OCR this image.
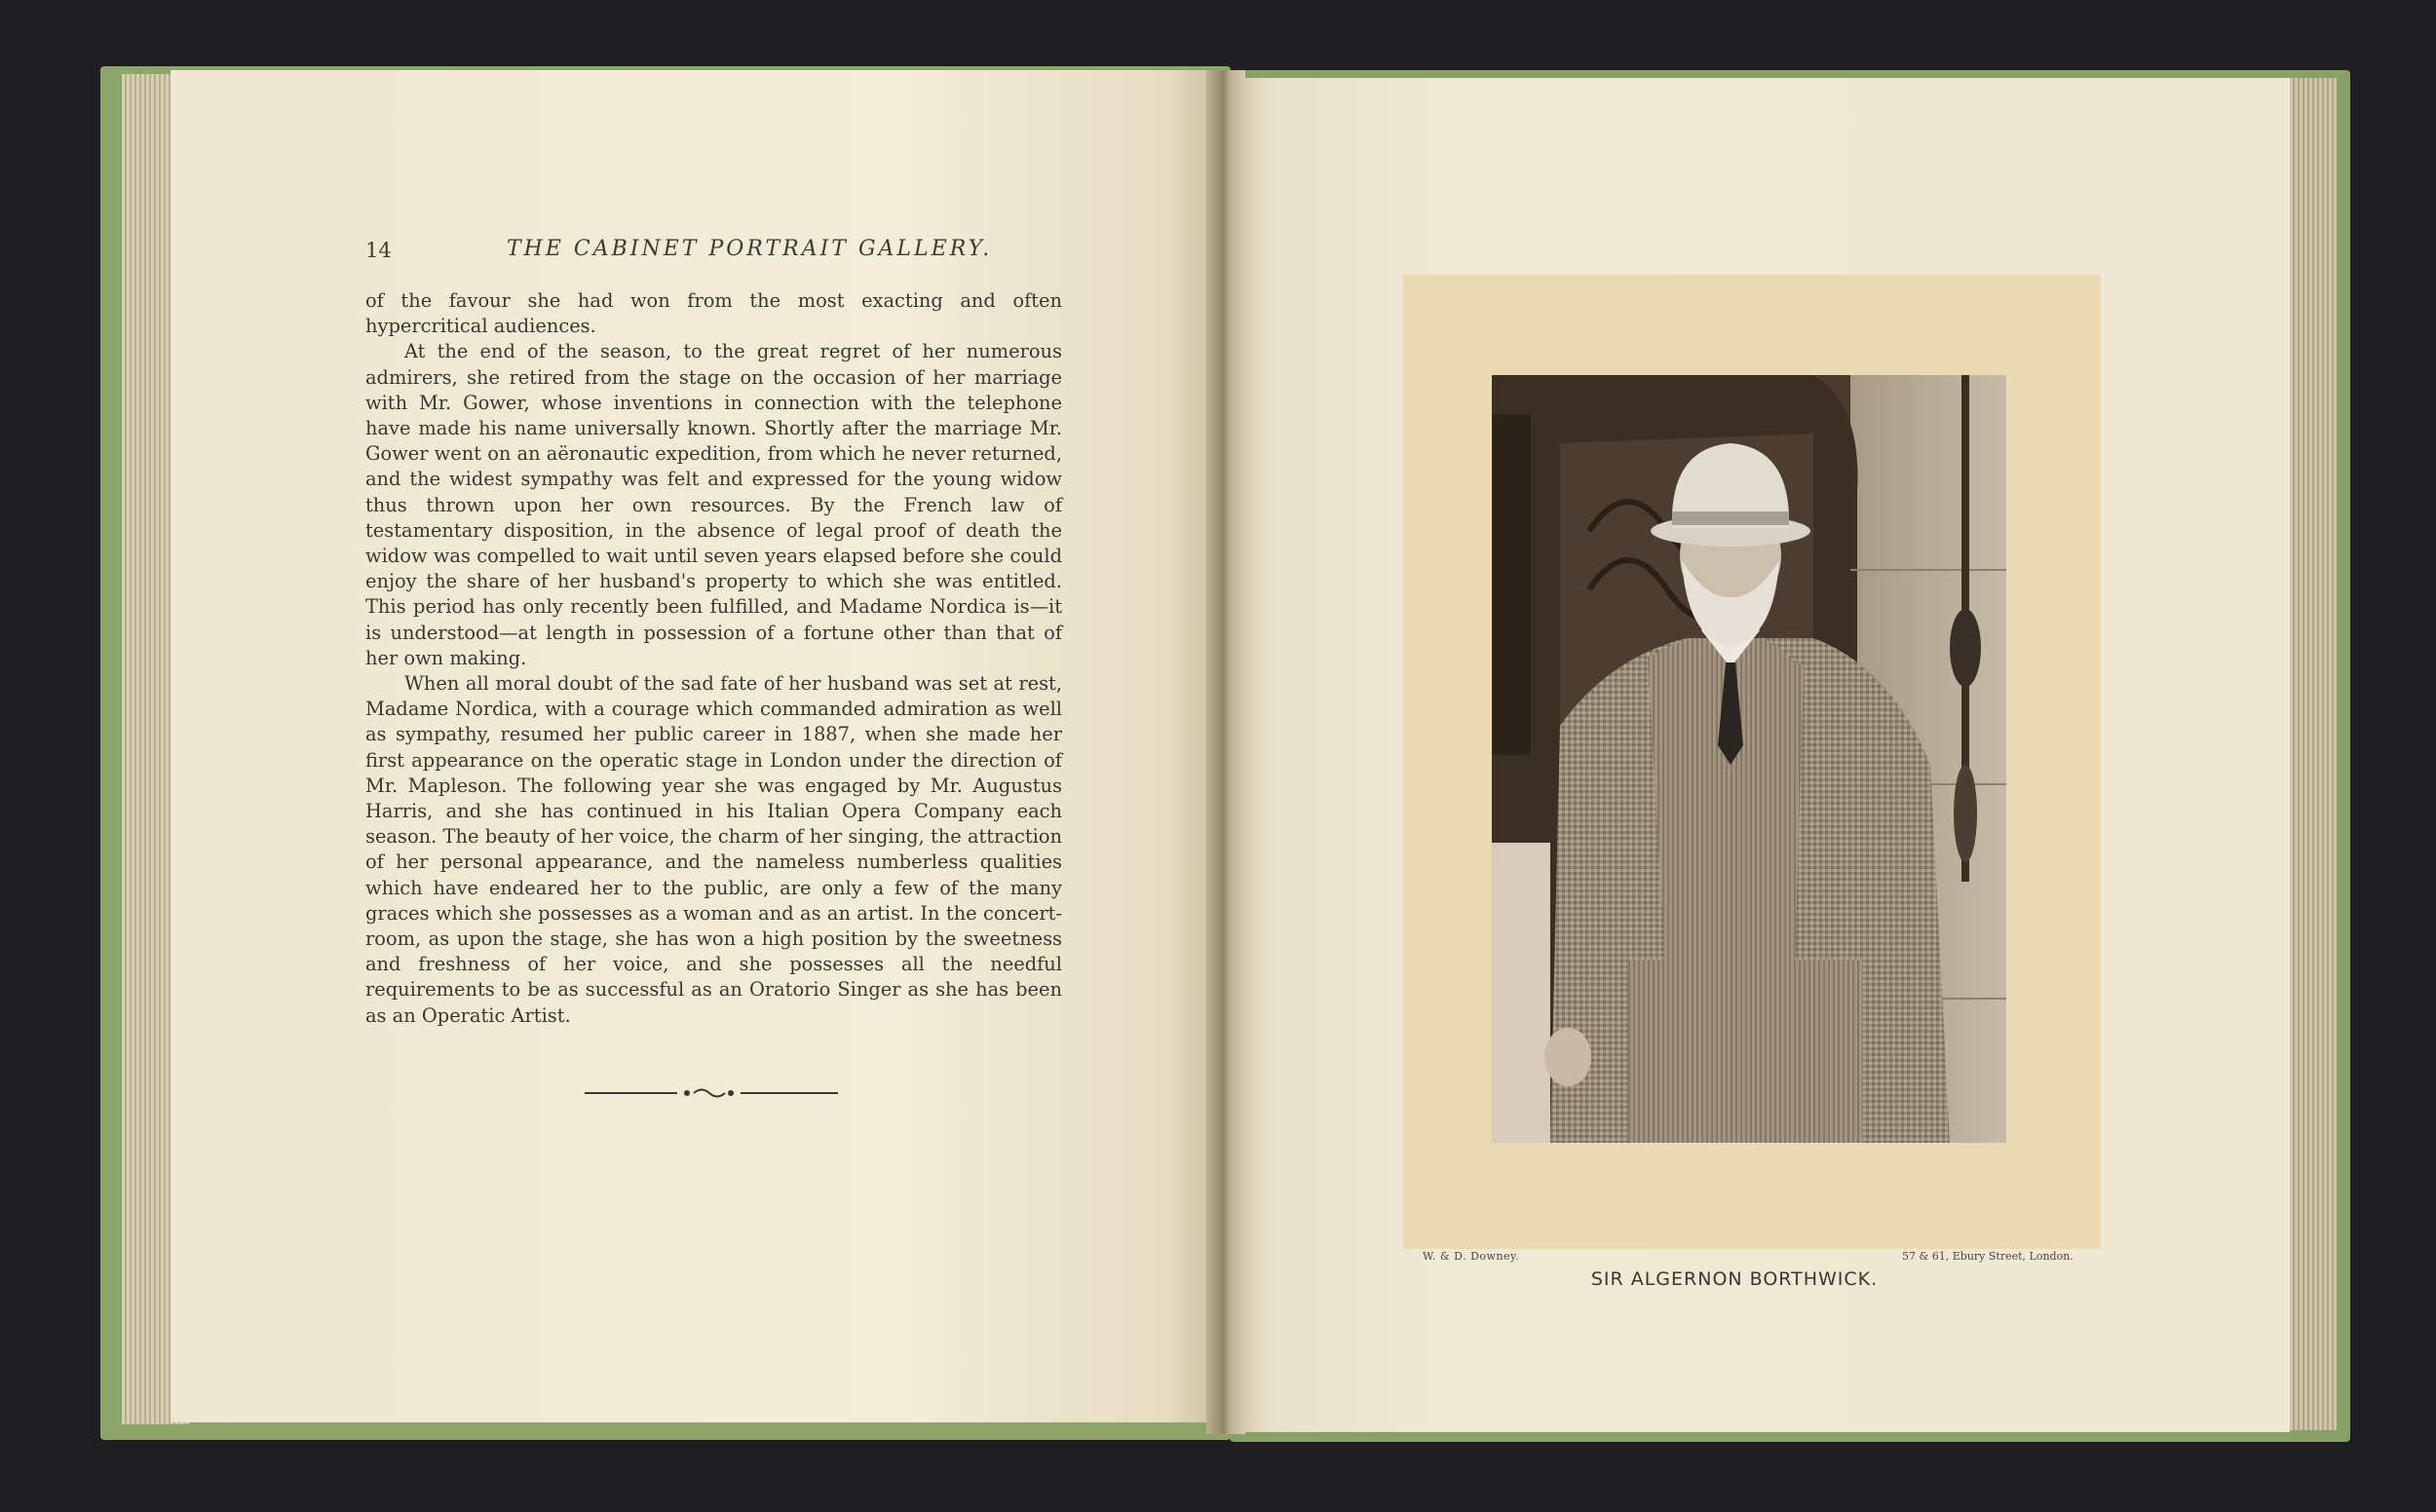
14	THE CABINET PORTRAIT GALLERY.

of the favour she had won from the most exacting and often hypercritical audiences.

At the end of the season, to the great regret of her numerous admirers, she retired from the stage on the occasion of her marriage with Mr. Gower, whose inventions in connection with the telephone have made his name universally known. Shortly after the marriage Mr. Gower went on an aëronautic expedition, from which he never returned, and the widest sympathy was felt and expressed for the young widow thus thrown upon her own resources. By the French law of testamentary disposition, in the absence of legal proof of death the widow was compelled to wait until seven years elapsed before she could enjoy the share of her husband's property to which she was entitled. This period has only recently been fulfilled, and Madame Nordica is—it is understood—at length in possession of a fortune other than that of her own making.

When all moral doubt of the sad fate of her husband was set at rest, Madame Nordica, with a courage which commanded admiration as well as sympathy, resumed her public career in 1887, when she made her first appearance on the operatic stage in London under the direction of Mr. Mapleson. The following year she was engaged by Mr. Augustus Harris, and she has continued in his Italian Opera Company each season. The beauty of her voice, the charm of her singing, the attraction of her personal appearance, and the nameless numberless qualities which have endeared her to the public, are only a few of the many graces which she possesses as a woman and as an artist. In the concert-room, as upon the stage, she has won a high position by the sweetness and freshness of her voice, and she possesses all the needful requirements to be as successful as an Oratorio Singer as she has been as an Operatic Artist.

W. & D. Downey.	57 & 61, Ebury Street, London.
SIR ALGERNON BORTHWICK.
